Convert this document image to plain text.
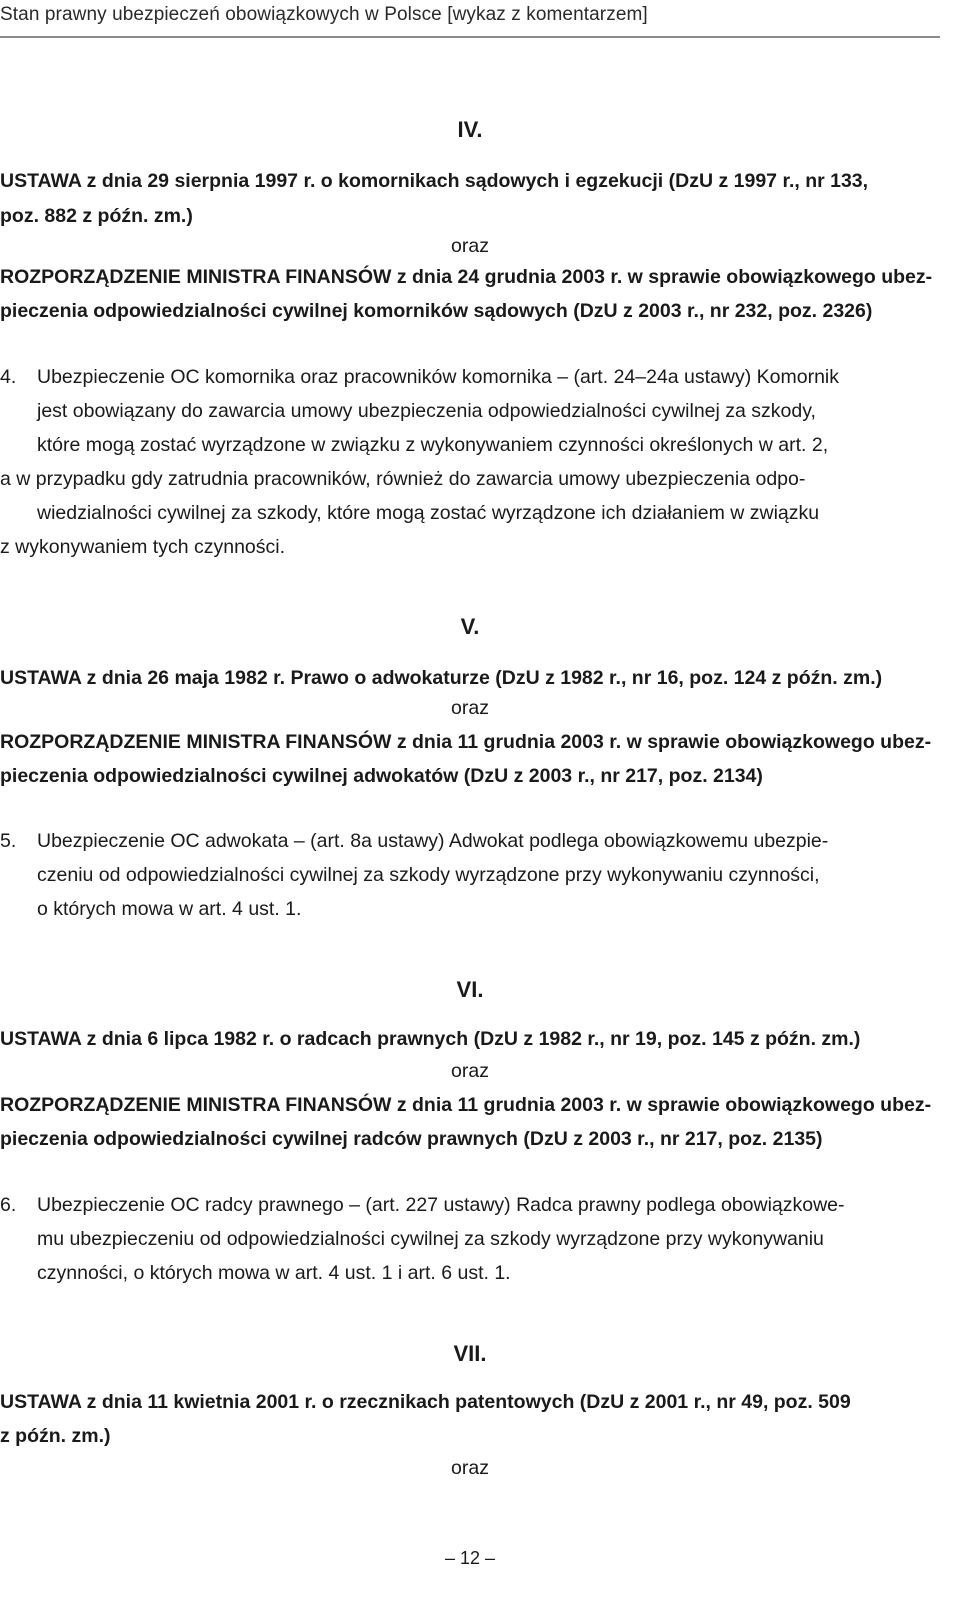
Stan prawny ubezpieczeń obowiązkowych w Polsce [wykaz z komentarzem]
IV.
USTAWA z dnia 29 sierpnia 1997 r. o komornikach sądowych i egzekucji (DzU z 1997 r., nr 133,
poz. 882 z późn. zm.)
oraz
ROZPORZĄDZENIE MINISTRA FINANSÓW z dnia 24 grudnia 2003 r. w sprawie obowiązkowego ubez-
pieczenia odpowiedzialności cywilnej komorników sądowych (DzU z 2003 r., nr 232, poz. 2326)
4. Ubezpieczenie OC komornika oraz pracowników komornika – (art. 24–24a ustawy) Komornik
jest obowiązany do zawarcia umowy ubezpieczenia odpowiedzialności cywilnej za szkody,
które mogą zostać wyrządzone w związku z wykonywaniem czynności określonych w art. 2,
a w przypadku gdy zatrudnia pracowników, również do zawarcia umowy ubezpieczenia odpo-
wiedzialności cywilnej za szkody, które mogą zostać wyrządzone ich działaniem w związku
z wykonywaniem tych czynności.
V.
USTAWA z dnia 26 maja 1982 r. Prawo o adwokaturze (DzU z 1982 r., nr 16, poz. 124 z późn. zm.)
oraz
ROZPORZĄDZENIE MINISTRA FINANSÓW z dnia 11 grudnia 2003 r. w sprawie obowiązkowego ubez-
pieczenia odpowiedzialności cywilnej adwokatów (DzU z 2003 r., nr 217, poz. 2134)
5. Ubezpieczenie OC adwokata – (art. 8a ustawy) Adwokat podlega obowiązkowemu ubezpie-
czeniu od odpowiedzialności cywilnej za szkody wyrządzone przy wykonywaniu czynności,
o których mowa w art. 4 ust. 1.
VI.
USTAWA z dnia 6 lipca 1982 r. o radcach prawnych (DzU z 1982 r., nr 19, poz. 145 z późn. zm.)
oraz
ROZPORZĄDZENIE MINISTRA FINANSÓW z dnia 11 grudnia 2003 r. w sprawie obowiązkowego ubez-
pieczenia odpowiedzialności cywilnej radców prawnych (DzU z 2003 r., nr 217, poz. 2135)
6. Ubezpieczenie OC radcy prawnego – (art. 227 ustawy) Radca prawny podlega obowiązkowe-
mu ubezpieczeniu od odpowiedzialności cywilnej za szkody wyrządzone przy wykonywaniu
czynności, o których mowa w art. 4 ust. 1 i art. 6 ust. 1.
VII.
USTAWA z dnia 11 kwietnia 2001 r. o rzecznikach patentowych (DzU z 2001 r., nr 49, poz. 509
z późn. zm.)
oraz
– 12 –
